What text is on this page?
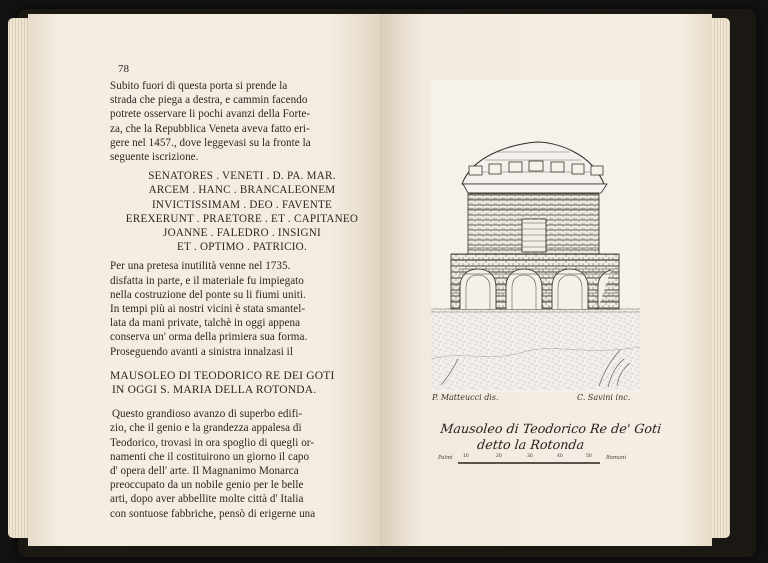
78
Subito fuori di questa porta si prende la
strada che piega a destra, e cammin facendo
potrete osservare li pochi avanzi della Forte-
za, che la Repubblica Veneta aveva fatto eri-
gere nel 1457., dove leggevasi su la fronte la
seguente iscrizione.
SENATORES . VENETI . D. PA. MAR.
ARCEM . HANC . BRANCALEONEM
INVICTISSIMAM . DEO . FAVENTE
EREXERUNT . PRAETORE . ET . CAPITANEO
JOANNE . FALEDRO . INSIGNI
ET . OPTIMO . PATRICIO.
Per una pretesa inutilità venne nel 1735.
disfatta in parte, e il materiale fu impiegato
nella costruzione del ponte su li fiumi uniti.
In tempi più ai nostri vicini è stata smantel-
lata da mani private, talchè in oggi appena
conserva un' orma della primiera sua forma.
Proseguendo avanti a sinistra innalzasi il
MAUSOLEO DI TEODORICO RE DEI GOTI
IN OGGI S. MARIA DELLA ROTONDA.
Questo grandioso avanzo di superbo edifi-
zio, che il genio e la grandezza appalesa di
Teodorico, trovasi in ora spoglio di quegli or-
namenti che il costituirono un giorno il capo
d' opera dell' arte. Il Magnanimo Monarca
preoccupato da un nobile genio per le belle
arti, dopo aver abbellite molte città d' Italia
con sontuose fabbriche, pensò di erigerne una
P. Matteucci dis.	C. Savini inc.
Mausoleo di Teodorico Re de' Goti
detto la Rotonda
Palmi 10	20	30	40	50	Romani
